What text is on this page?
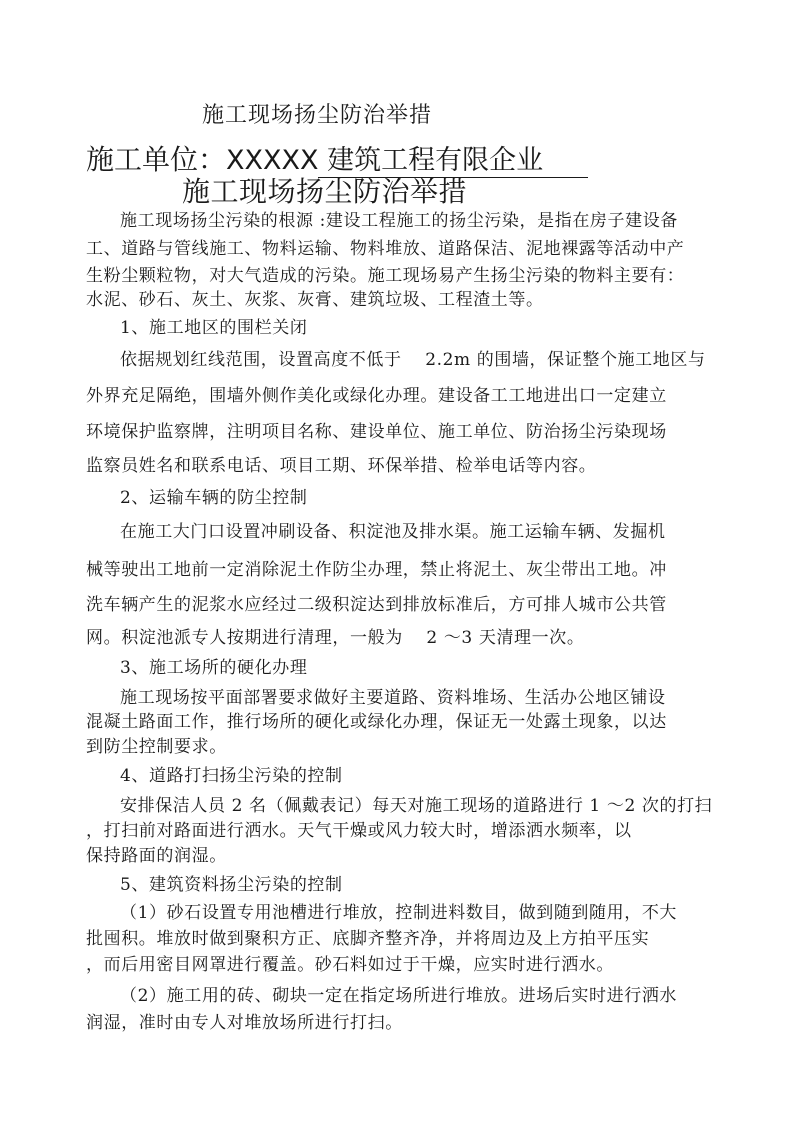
施工现场扬尘防治举措
施工单位：XXXXX 建筑工程有限企业
施工现场扬尘防治举措
施工现场扬尘污染的根源 :建设工程施工的扬尘污染，是指在房子建设备
工、道路与管线施工、物料运输、物料堆放、道路保洁、泥地裸露等活动中产
生粉尘颗粒物，对大气造成的污染。施工现场易产生扬尘污染的物料主要有：
水泥、砂石、灰土、灰浆、灰膏、建筑垃圾、工程渣土等。
1、施工地区的围栏关闭
依据规划红线范围，设置高度不低于　 2.2m 的围墙，保证整个施工地区与
外界充足隔绝，围墙外侧作美化或绿化办理。建设备工工地进出口一定建立
环境保护监察牌，注明项目名称、建设单位、施工单位、防治扬尘污染现场
监察员姓名和联系电话、项目工期、环保举措、检举电话等内容。
2、运输车辆的防尘控制
在施工大门口设置冲刷设备、积淀池及排水渠。施工运输车辆、发掘机
械等驶出工地前一定消除泥土作防尘办理，禁止将泥土、灰尘带出工地。冲
洗车辆产生的泥浆水应经过二级积淀达到排放标准后，方可排人城市公共管
网。积淀池派专人按期进行清理，一般为　 2 ～3 天清理一次。
3、施工场所的硬化办理
施工现场按平面部署要求做好主要道路、资料堆场、生活办公地区铺设
混凝土路面工作，推行场所的硬化或绿化办理，保证无一处露土现象，以达
到防尘控制要求。
4、道路打扫扬尘污染的控制
安排保洁人员 2 名（佩戴表记）每天对施工现场的道路进行 1 ～2 次的打扫
，打扫前对路面进行洒水。天气干燥或风力较大时，增添洒水频率，以
保持路面的润湿。
5、建筑资料扬尘污染的控制
（1）砂石设置专用池槽进行堆放，控制进料数目，做到随到随用，不大
批囤积。堆放时做到聚积方正、底脚齐整齐净，并将周边及上方拍平压实
，而后用密目网罩进行覆盖。砂石料如过于干燥，应实时进行洒水。
（2）施工用的砖、砌块一定在指定场所进行堆放。进场后实时进行洒水
润湿，准时由专人对堆放场所进行打扫。
